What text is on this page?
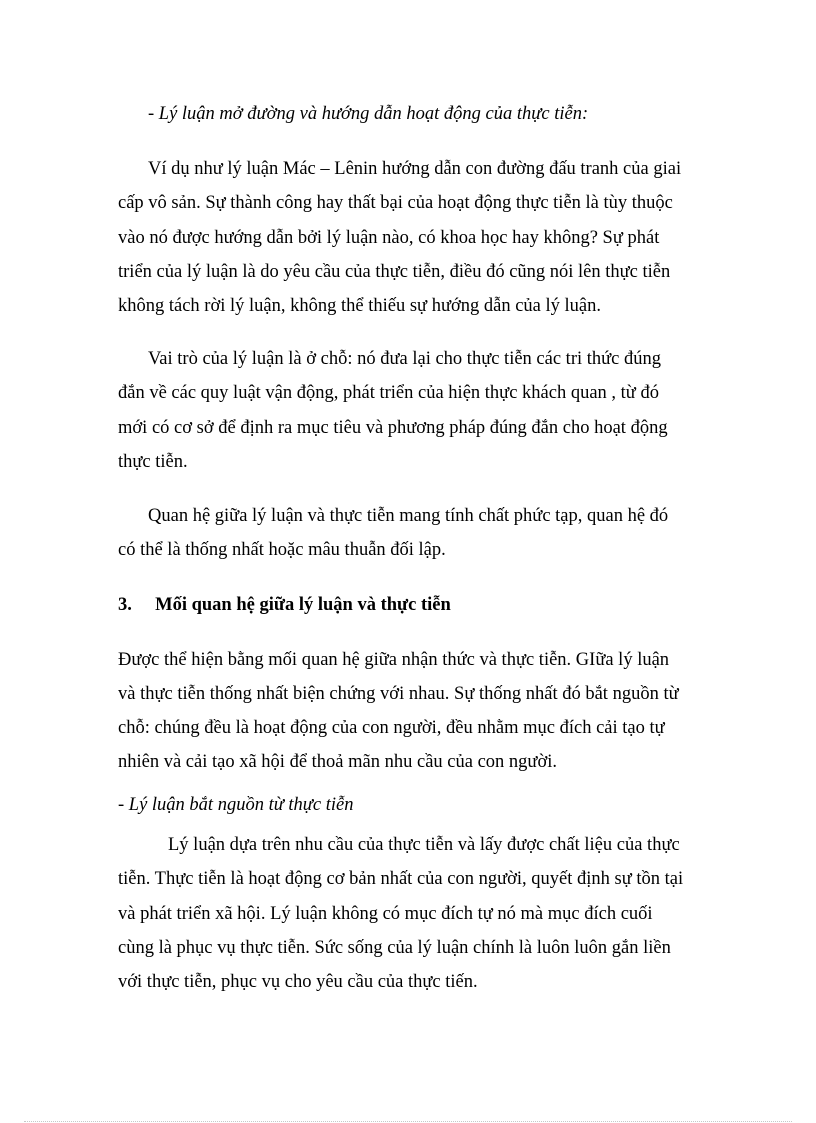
- Lý luận mở đường và hướng dẫn hoạt động của thực tiễn:

Ví dụ như lý luận Mác – Lênin hướng dẫn con đường đấu tranh của giai

cấp vô sản. Sự thành công hay thất bại của hoạt động thực tiễn là tùy thuộc

vào nó được hướng dẫn bởi lý luận nào, có khoa học hay không? Sự phát

triển của lý luận là do yêu cầu của thực tiễn, điều đó cũng nói lên thực tiễn

không tách rời lý luận, không thể thiếu sự hướng dẫn của lý luận.

Vai trò của lý luận là ở chỗ: nó đưa lại cho thực tiễn các tri thức đúng

đắn về các quy luật vận động, phát triển của hiện thực khách quan , từ đó

mới có cơ sở để định ra mục tiêu và phương pháp đúng đắn cho hoạt động

thực tiễn.

Quan hệ giữa lý luận và thực tiễn mang tính chất phức tạp, quan hệ đó

có thể là thống nhất hoặc mâu thuẫn đối lập.

3. Mối quan hệ giữa lý luận và thực tiễn

Được thể hiện bằng mối quan hệ giữa nhận thức và thực tiễn. GIữa lý luận

và thực tiễn thống nhất biện chứng với nhau. Sự thống nhất đó bắt nguồn từ

chỗ: chúng đều là hoạt động của con người, đều nhằm mục đích cải tạo tự

nhiên và cải tạo xã hội để thoả mãn nhu cầu của con người.

- Lý luận bắt nguồn từ thực tiễn

Lý luận dựa trên nhu cầu của thực tiễn và lấy được chất liệu của thực

tiễn. Thực tiễn là hoạt động cơ bản nhất của con người, quyết định sự tồn tại

và phát triển xã hội. Lý luận không có mục đích tự nó mà mục đích cuối

cùng là phục vụ thực tiễn. Sức sống của lý luận chính là luôn luôn gắn liền

với thực tiễn, phục vụ cho yêu cầu của thực tiến.
